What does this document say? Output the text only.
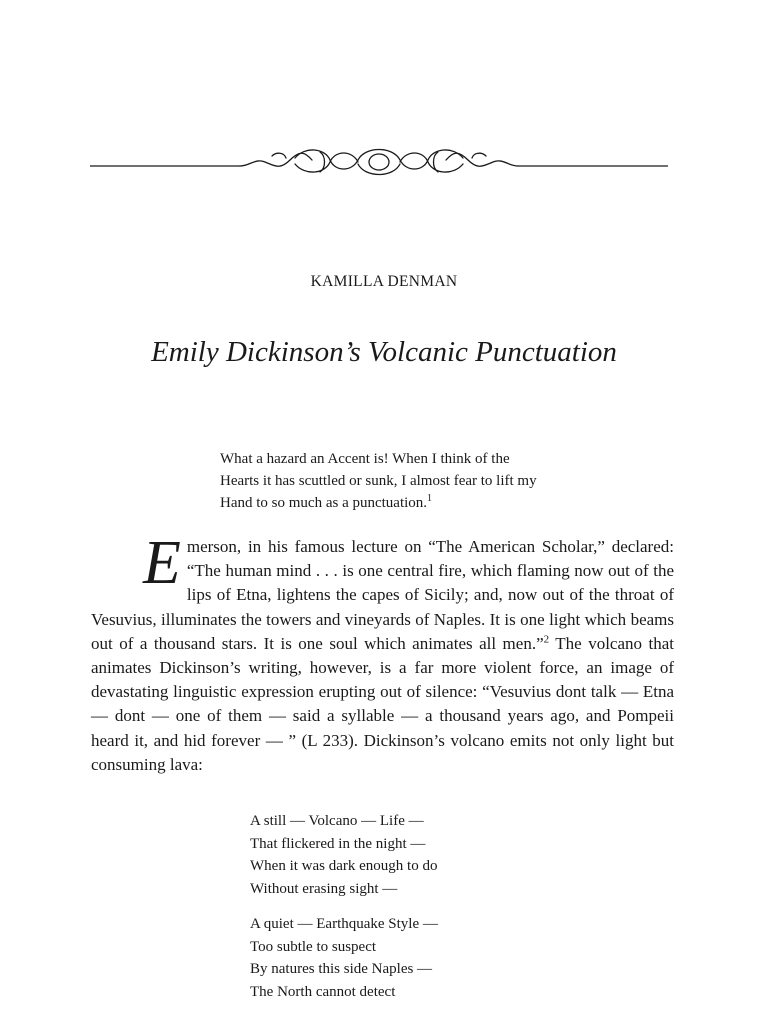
KAMILLA DENMAN
Emily Dickinson’s Volcanic Punctuation
What a hazard an Accent is! When I think of the
Hearts it has scuttled or sunk, I almost fear to lift my
Hand to so much as a punctuation.$^1$
Emerson, in his famous lecture on “The American Scholar,” declared: “The human mind . . . is one central fire, which flaming now out of the lips of Etna, lightens the capes of Sicily; and, now out of the throat of Vesuvius, illuminates the towers and vineyards of Naples. It is one light which beams out of a thousand stars. It is one soul which animates all men.”$^2$ The volcano that animates Dickinson’s writing, however, is a far more violent force, an image of devastating linguistic expression erupting out of silence: “Vesuvius dont talk — Etna — dont — one of them — said a syllable — a thousand years ago, and Pompeii heard it, and hid forever — ” (L 233). Dickinson’s volcano emits not only light but consuming lava:
A still — Volcano — Life —
That flickered in the night —
When it was dark enough to do
Without erasing sight —
A quiet — Earthquake Style —
Too subtle to suspect
By natures this side Naples —
The North cannot detect
